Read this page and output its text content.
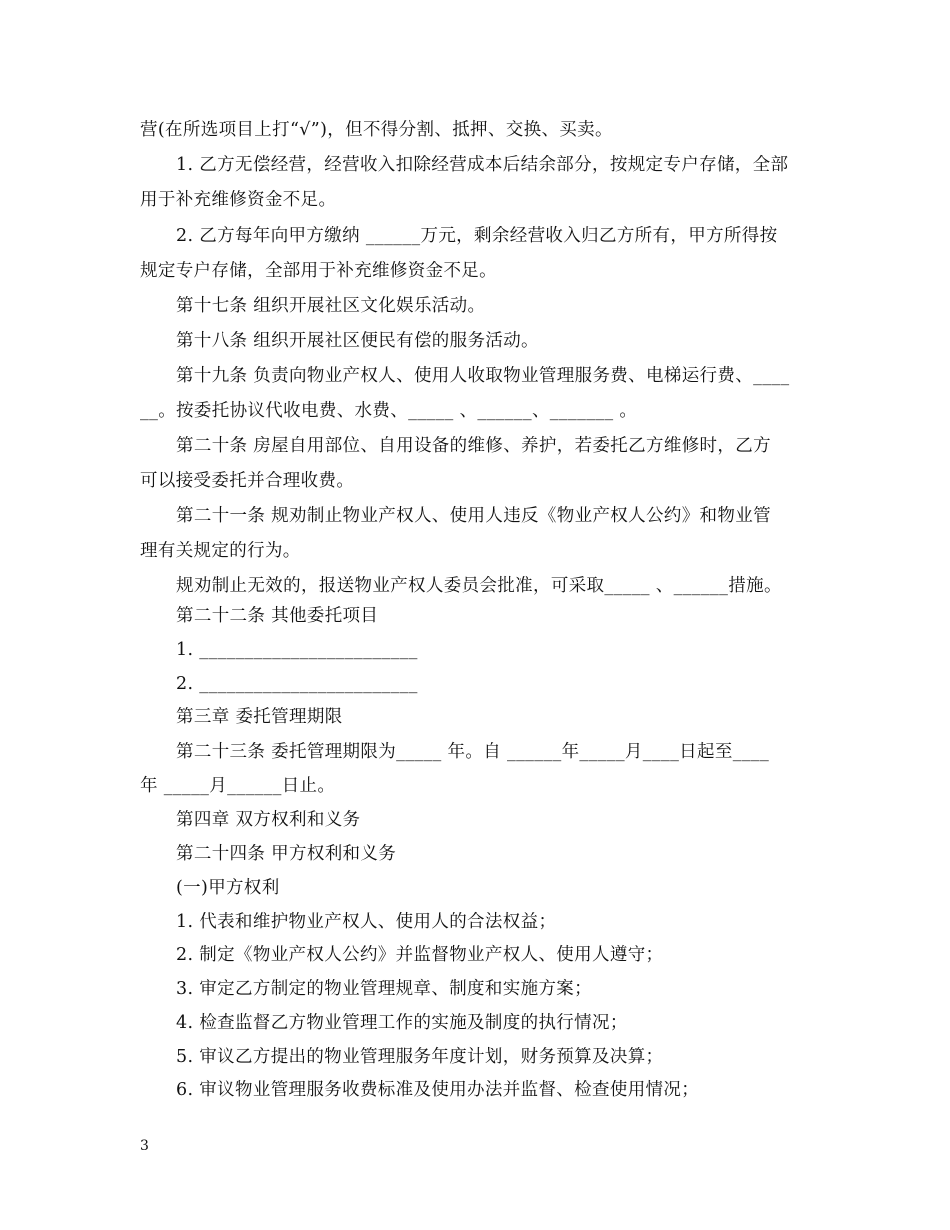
营(在所选项目上打“√”)，但不得分割、抵押、交换、买卖。
1. 乙方无偿经营，经营收入扣除经营成本后结余部分，按规定专户存储，全部
用于补充维修资金不足。
2. 乙方每年向甲方缴纳 ______万元，剩余经营收入归乙方所有，甲方所得按
规定专户存储，全部用于补充维修资金不足。
第十七条 组织开展社区文化娱乐活动。
第十八条 组织开展社区便民有偿的服务活动。
第十九条 负责向物业产权人、使用人收取物业管理服务费、电梯运行费、____
__。按委托协议代收电费、水费、_____ 、______、_______ 。
第二十条 房屋自用部位、自用设备的维修、养护，若委托乙方维修时，乙方
可以接受委托并合理收费。
第二十一条 规劝制止物业产权人、使用人违反《物业产权人公约》和物业管
理有关规定的行为。
规劝制止无效的，报送物业产权人委员会批准，可采取_____ 、______措施。
第二十二条 其他委托项目
1. ________________________
2. ________________________
第三章 委托管理期限
第二十三条 委托管理期限为_____ 年。自 ______年_____月____日起至____
年 _____月______日止。
第四章 双方权利和义务
第二十四条 甲方权利和义务
(一)甲方权利
1. 代表和维护物业产权人、使用人的合法权益；
2. 制定《物业产权人公约》并监督物业产权人、使用人遵守；
3. 审定乙方制定的物业管理规章、制度和实施方案；
4. 检查监督乙方物业管理工作的实施及制度的执行情况；
5. 审议乙方提出的物业管理服务年度计划，财务预算及决算；
6. 审议物业管理服务收费标准及使用办法并监督、检查使用情况；
3
